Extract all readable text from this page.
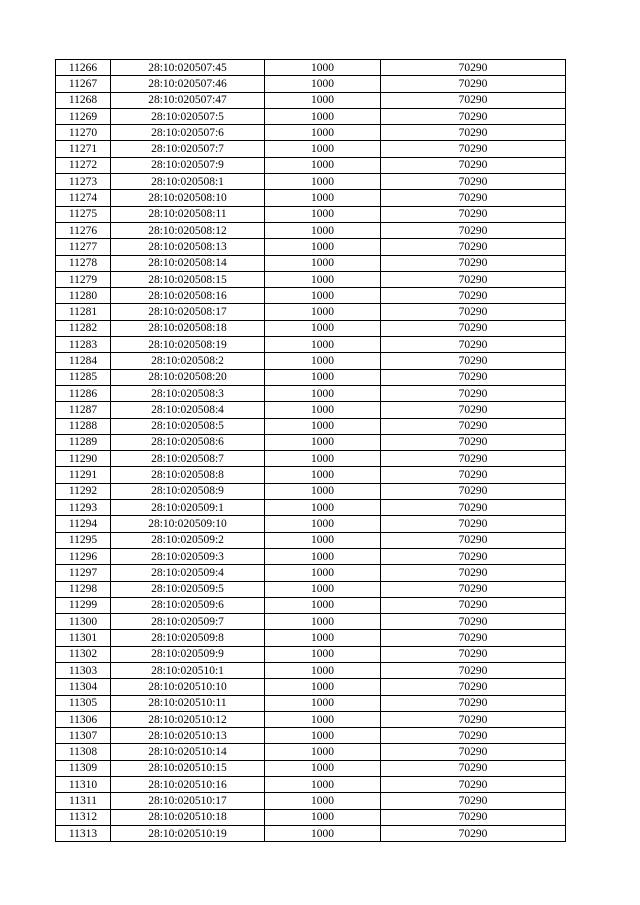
11266	28:10:020507:45	1000	70290
11267	28:10:020507:46	1000	70290
11268	28:10:020507:47	1000	70290
11269	28:10:020507:5	1000	70290
11270	28:10:020507:6	1000	70290
11271	28:10:020507:7	1000	70290
11272	28:10:020507:9	1000	70290
11273	28:10:020508:1	1000	70290
11274	28:10:020508:10	1000	70290
11275	28:10:020508:11	1000	70290
11276	28:10:020508:12	1000	70290
11277	28:10:020508:13	1000	70290
11278	28:10:020508:14	1000	70290
11279	28:10:020508:15	1000	70290
11280	28:10:020508:16	1000	70290
11281	28:10:020508:17	1000	70290
11282	28:10:020508:18	1000	70290
11283	28:10:020508:19	1000	70290
11284	28:10:020508:2	1000	70290
11285	28:10:020508:20	1000	70290
11286	28:10:020508:3	1000	70290
11287	28:10:020508:4	1000	70290
11288	28:10:020508:5	1000	70290
11289	28:10:020508:6	1000	70290
11290	28:10:020508:7	1000	70290
11291	28:10:020508:8	1000	70290
11292	28:10:020508:9	1000	70290
11293	28:10:020509:1	1000	70290
11294	28:10:020509:10	1000	70290
11295	28:10:020509:2	1000	70290
11296	28:10:020509:3	1000	70290
11297	28:10:020509:4	1000	70290
11298	28:10:020509:5	1000	70290
11299	28:10:020509:6	1000	70290
11300	28:10:020509:7	1000	70290
11301	28:10:020509:8	1000	70290
11302	28:10:020509:9	1000	70290
11303	28:10:020510:1	1000	70290
11304	28:10:020510:10	1000	70290
11305	28:10:020510:11	1000	70290
11306	28:10:020510:12	1000	70290
11307	28:10:020510:13	1000	70290
11308	28:10:020510:14	1000	70290
11309	28:10:020510:15	1000	70290
11310	28:10:020510:16	1000	70290
11311	28:10:020510:17	1000	70290
11312	28:10:020510:18	1000	70290
11313	28:10:020510:19	1000	70290
